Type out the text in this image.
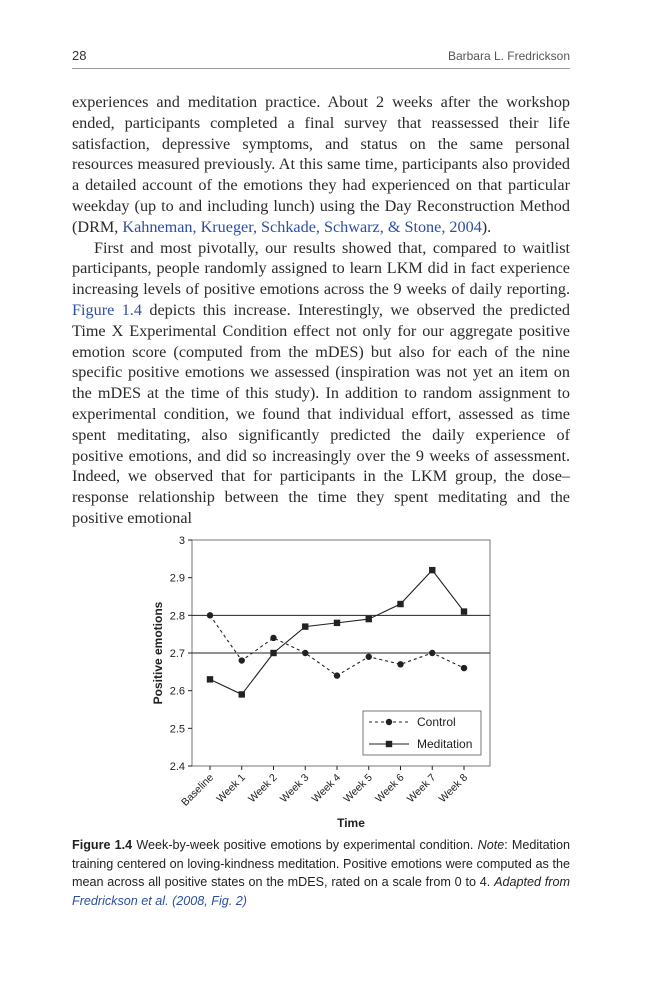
28	Barbara L. Fredrickson

experiences and meditation practice. About 2 weeks after the workshop ended, participants completed a final survey that reassessed their life satisfaction, depressive symptoms, and status on the same personal resources measured previously. At this same time, participants also provided a detailed account of the emotions they had experienced on that particular weekday (up to and including lunch) using the Day Reconstruction Method (DRM, Kahneman, Krueger, Schkade, Schwarz, & Stone, 2004).

First and most pivotally, our results showed that, compared to waitlist participants, people randomly assigned to learn LKM did in fact experience increasing levels of positive emotions across the 9 weeks of daily reporting. Figure 1.4 depicts this increase. Interestingly, we observed the predicted Time X Experimental Condition effect not only for our aggregate positive emotion score (computed from the mDES) but also for each of the nine specific positive emotions we assessed (inspiration was not yet an item on the mDES at the time of this study). In addition to random assignment to experimental condition, we found that individual effort, assessed as time spent meditating, also significantly predicted the daily experience of positive emotions, and did so increasingly over the 9 weeks of assessment. Indeed, we observed that for participants in the LKM group, the dose–response relationship between the time they spent meditating and the positive emotional

2.4
2.5
2.6
2.7
2.8
2.9
3
Positive emotions
Baseline
Week 1
Week 2
Week 3
Week 4
Week 5
Week 6
Week 7
Week 8
Time
Control
Meditation
Figure 1.4 Week-by-week positive emotions by experimental condition. Note: Meditation training centered on loving-kindness meditation. Positive emotions were computed as the mean across all positive states on the mDES, rated on a scale from 0 to 4. Adapted from Fredrickson et al. (2008, Fig. 2)
